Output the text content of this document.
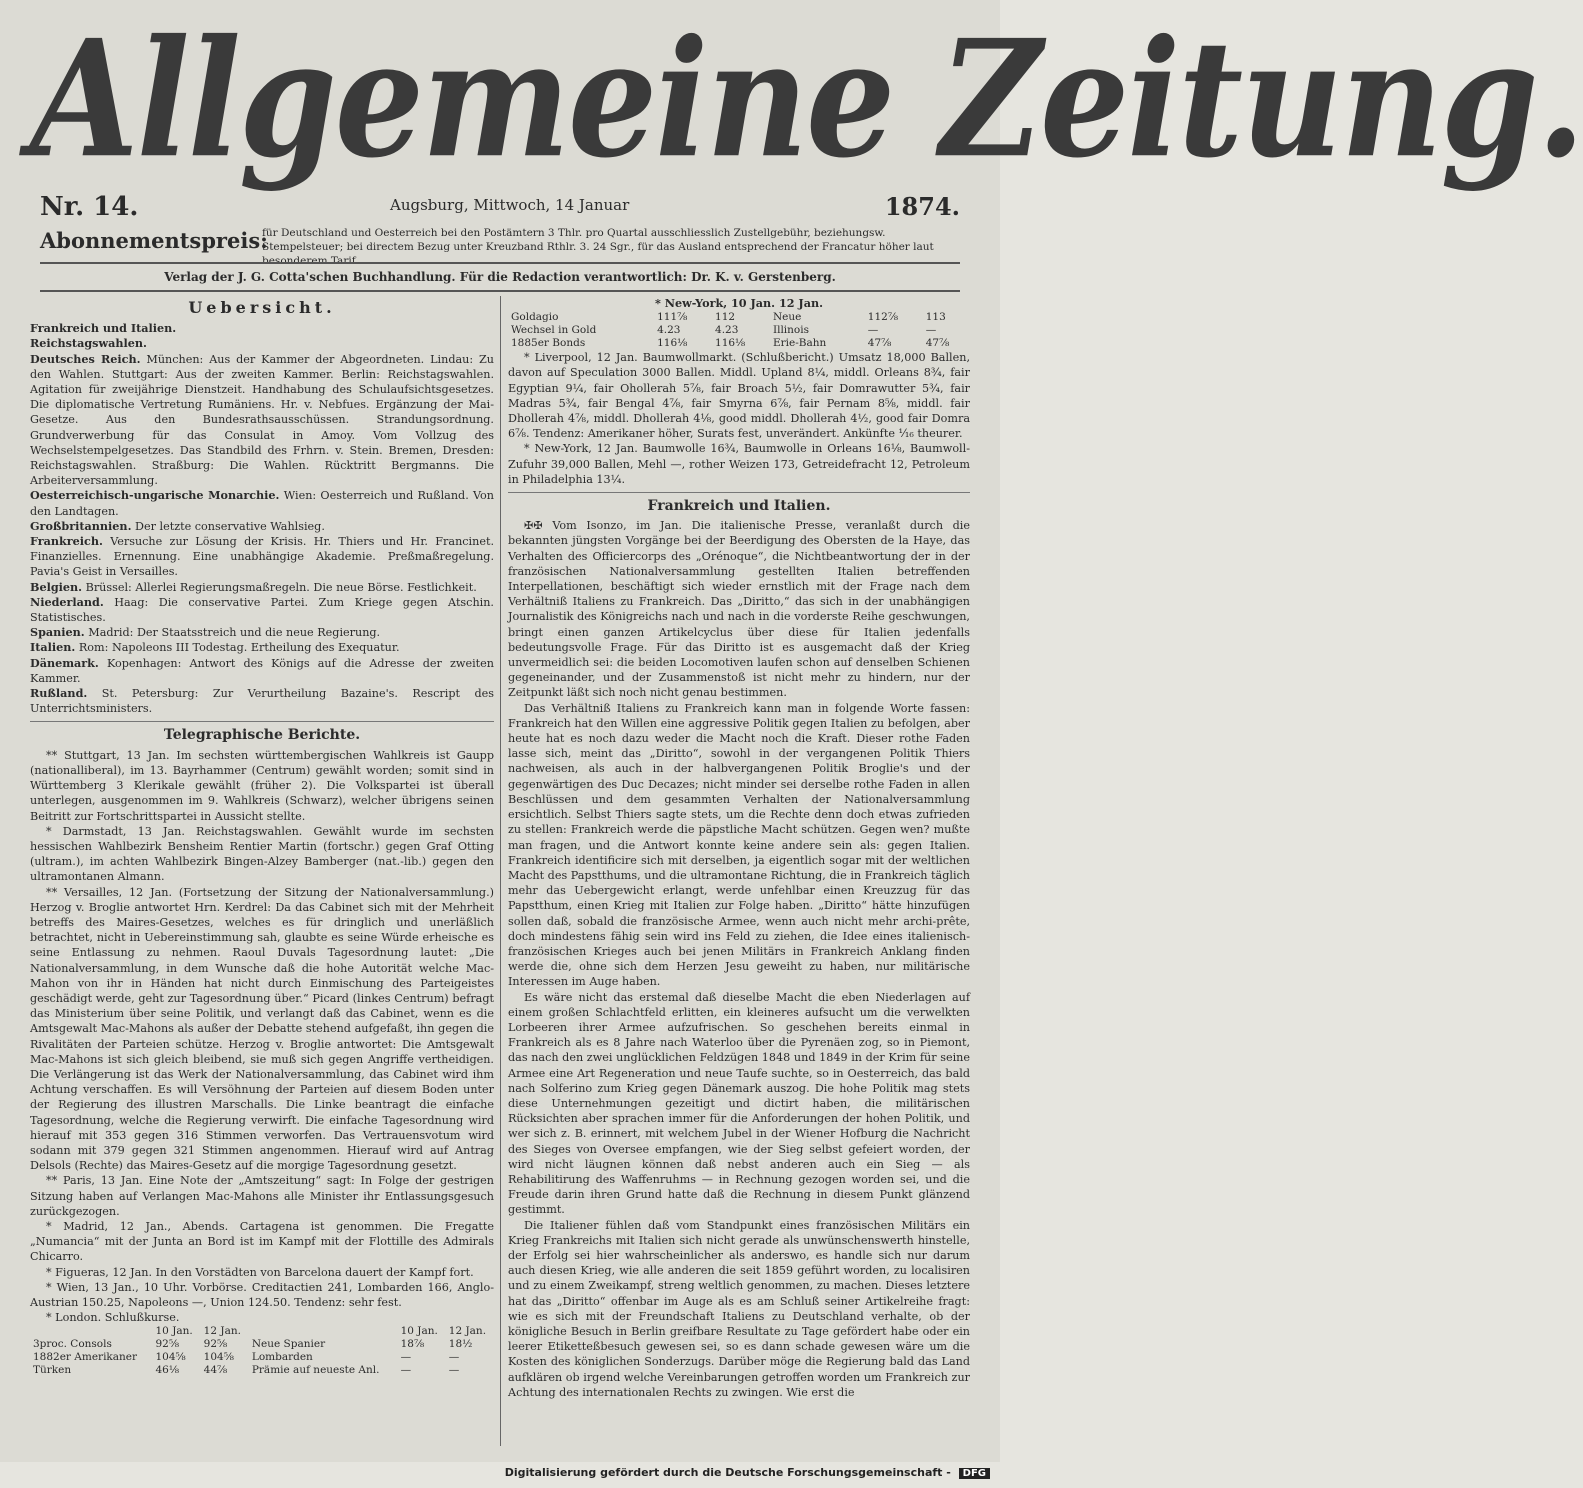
Allgemeine Zeitung.
Nr. 14.	Augsburg, Mittwoch, 14 Januar	1874.
Abonnementspreis:
für Deutschland und Oesterreich bei den Postämtern 3 Thlr. pro Quartal ausschliesslich Zustellgebühr, beziehungsw. Stempelsteuer; bei directem Bezug unter Kreuzband Rthlr. 3. 24 Sgr., für das Ausland entsprechend der Francatur höher laut besonderem Tarif.
Verlag der J. G. Cotta'schen Buchhandlung. Für die Redaction verantwortlich: Dr. K. v. Gerstenberg.
Uebersicht.
Frankreich und Italien.
Reichstagswahlen.
Deutsches Reich. München: Aus der Kammer der Abgeordneten. Lindau: Zu den Wahlen. Stuttgart: Aus der zweiten Kammer. Berlin: Reichstagswahlen. Agitation für zweijährige Dienstzeit. Handhabung des Schulaufsichtsgesetzes. Die diplomatische Vertretung Rumäniens. Hr. v. Nebfues. Ergänzung der Mai-Gesetze. Aus den Bundesrathsausschüssen. Strandungsordnung. Grundverwerbung für das Consulat in Amoy. Vom Vollzug des Wechselstempelgesetzes. Das Standbild des Frhrn. v. Stein. Bremen, Dresden: Reichstagswahlen. Straßburg: Die Wahlen. Rücktritt Bergmanns. Die Arbeiterversammlung.
Oesterreichisch-ungarische Monarchie. Wien: Oesterreich und Rußland. Von den Landtagen.
Großbritannien. Der letzte conservative Wahlsieg.
Frankreich. Versuche zur Lösung der Krisis. Hr. Thiers und Hr. Francinet. Finanzielles. Ernennung. Eine unabhängige Akademie. Preßmaßregelung. Pavia's Geist in Versailles.
Belgien. Brüssel: Allerlei Regierungsmaßregeln. Die neue Börse. Festlichkeit.
Niederland. Haag: Die conservative Partei. Zum Kriege gegen Atschin. Statistisches.
Spanien. Madrid: Der Staatsstreich und die neue Regierung.
Italien. Rom: Napoleons III Todestag. Ertheilung des Exequatur.
Dänemark. Kopenhagen: Antwort des Königs auf die Adresse der zweiten Kammer.
Rußland. St. Petersburg: Zur Verurtheilung Bazaine's. Rescript des Unterrichtsministers.
Telegraphische Berichte.

** Stuttgart, 13 Jan. Im sechsten württembergischen Wahlkreis ist Gaupp (nationalliberal), im 13. Bayrhammer (Centrum) gewählt worden; somit sind in Württemberg 3 Klerikale gewählt (früher 2). Die Volkspartei ist überall unterlegen, ausgenommen im 9. Wahlkreis (Schwarz), welcher übrigens seinen Beitritt zur Fortschrittspartei in Aussicht stellte.

* Darmstadt, 13 Jan. Reichstagswahlen. Gewählt wurde im sechsten hessischen Wahlbezirk Bensheim Rentier Martin (fortschr.) gegen Graf Otting (ultram.), im achten Wahlbezirk Bingen-Alzey Bamberger (nat.-lib.) gegen den ultramontanen Almann.

** Versailles, 12 Jan. (Fortsetzung der Sitzung der Nationalversammlung.) Herzog v. Broglie antwortet Hrn. Kerdrel: Da das Cabinet sich mit der Mehrheit betreffs des Maires-Gesetzes, welches es für dringlich und unerläßlich betrachtet, nicht in Uebereinstimmung sah, glaubte es seine Würde erheische es seine Entlassung zu nehmen. Raoul Duvals Tagesordnung lautet: „Die Nationalversammlung, in dem Wunsche daß die hohe Autorität welche Mac-Mahon von ihr in Händen hat nicht durch Einmischung des Parteigeistes geschädigt werde, geht zur Tagesordnung über.“ Picard (linkes Centrum) befragt das Ministerium über seine Politik, und verlangt daß das Cabinet, wenn es die Amtsgewalt Mac-Mahons als außer der Debatte stehend aufgefaßt, ihn gegen die Rivalitäten der Parteien schütze. Herzog v. Broglie antwortet: Die Amtsgewalt Mac-Mahons ist sich gleich bleibend, sie muß sich gegen Angriffe vertheidigen. Die Verlängerung ist das Werk der Nationalversammlung, das Cabinet wird ihm Achtung verschaffen. Es will Versöhnung der Parteien auf diesem Boden unter der Regierung des illustren Marschalls. Die Linke beantragt die einfache Tagesordnung, welche die Regierung verwirft. Die einfache Tagesordnung wird hierauf mit 353 gegen 316 Stimmen verworfen. Das Vertrauensvotum wird sodann mit 379 gegen 321 Stimmen angenommen. Hierauf wird auf Antrag Delsols (Rechte) das Maires-Gesetz auf die morgige Tagesordnung gesetzt.

** Paris, 13 Jan. Eine Note der „Amtszeitung“ sagt: In Folge der gestrigen Sitzung haben auf Verlangen Mac-Mahons alle Minister ihr Entlassungsgesuch zurückgezogen.

* Madrid, 12 Jan., Abends. Cartagena ist genommen. Die Fregatte „Numancia“ mit der Junta an Bord ist im Kampf mit der Flottille des Admirals Chicarro.

* Figueras, 12 Jan. In den Vorstädten von Barcelona dauert der Kampf fort.

* Wien, 13 Jan., 10 Uhr. Vorbörse. Creditactien 241, Lombarden 166, Anglo-Austrian 150.25, Napoleons —, Union 124.50. Tendenz: sehr fest.

* London. Schlußkurse.

	10 Jan.	12 Jan.		10 Jan.	12 Jan.
3proc. Consols	92⅝	92⅝	Neue Spanier	18⅞	18½
1882er Amerikaner	104⅝	104⅝	Lombarden	—	—
Türken	46⅛	44⅞	Prämie auf neueste Anl.	—	—
* New-York, 10 Jan. 12 Jan.
Goldagio	111⅞	112	Neue	112⅞	113
Wechsel in Gold	4.23	4.23	Illinois	—	—
1885er Bonds	116⅛	116⅛	Erie-Bahn	47⅞	47⅞

* Liverpool, 12 Jan. Baumwollmarkt. (Schlußbericht.) Umsatz 18,000 Ballen, davon auf Speculation 3000 Ballen. Middl. Upland 8¼, middl. Orleans 8¾, fair Egyptian 9¼, fair Ohollerah 5⅞, fair Broach 5½, fair Domrawutter 5¾, fair Madras 5¾, fair Bengal 4⅞, fair Smyrna 6⅞, fair Pernam 8⅝, middl. fair Dhollerah 4⅞, middl. Dhollerah 4⅛, good middl. Dhollerah 4½, good fair Domra 6⅞. Tendenz: Amerikaner höher, Surats fest, unverändert. Ankünfte ⅟₁₆ theurer.

* New-York, 12 Jan. Baumwolle 16¾, Baumwolle in Orleans 16⅛, Baumwoll-Zufuhr 39,000 Ballen, Mehl —, rother Weizen 173, Getreidefracht 12, Petroleum in Philadelphia 13¼.

Frankreich und Italien.

✠✠ Vom Isonzo, im Jan. Die italienische Presse, veranlaßt durch die bekannten jüngsten Vorgänge bei der Beerdigung des Obersten de la Haye, das Verhalten des Officiercorps des „Orénoque“, die Nichtbeantwortung der in der französischen Nationalversammlung gestellten Italien betreffenden Interpellationen, beschäftigt sich wieder ernstlich mit der Frage nach dem Verhältniß Italiens zu Frankreich. Das „Diritto,“ das sich in der unabhängigen Journalistik des Königreichs nach und nach in die vorderste Reihe geschwungen, bringt einen ganzen Artikelcyclus über diese für Italien jedenfalls bedeutungsvolle Frage. Für das Diritto ist es ausgemacht daß der Krieg unvermeidlich sei: die beiden Locomotiven laufen schon auf denselben Schienen gegeneinander, und der Zusammenstoß ist nicht mehr zu hindern, nur der Zeitpunkt läßt sich noch nicht genau bestimmen.

Das Verhältniß Italiens zu Frankreich kann man in folgende Worte fassen: Frankreich hat den Willen eine aggressive Politik gegen Italien zu befolgen, aber heute hat es noch dazu weder die Macht noch die Kraft. Dieser rothe Faden lasse sich, meint das „Diritto“, sowohl in der vergangenen Politik Thiers nachweisen, als auch in der halbvergangenen Politik Broglie's und der gegenwärtigen des Duc Decazes; nicht minder sei derselbe rothe Faden in allen Beschlüssen und dem gesammten Verhalten der Nationalversammlung ersichtlich. Selbst Thiers sagte stets, um die Rechte denn doch etwas zufrieden zu stellen: Frankreich werde die päpstliche Macht schützen. Gegen wen? mußte man fragen, und die Antwort konnte keine andere sein als: gegen Italien. Frankreich identificire sich mit derselben, ja eigentlich sogar mit der weltlichen Macht des Papstthums, und die ultramontane Richtung, die in Frankreich täglich mehr das Uebergewicht erlangt, werde unfehlbar einen Kreuzzug für das Papstthum, einen Krieg mit Italien zur Folge haben. „Diritto“ hätte hinzufügen sollen daß, sobald die französische Armee, wenn auch nicht mehr archi-prête, doch mindestens fähig sein wird ins Feld zu ziehen, die Idee eines italienisch-französischen Krieges auch bei jenen Militärs in Frankreich Anklang finden werde die, ohne sich dem Herzen Jesu geweiht zu haben, nur militärische Interessen im Auge haben.

Es wäre nicht das erstemal daß dieselbe Macht die eben Niederlagen auf einem großen Schlachtfeld erlitten, ein kleineres aufsucht um die verwelkten Lorbeeren ihrer Armee aufzufrischen. So geschehen bereits einmal in Frankreich als es 8 Jahre nach Waterloo über die Pyrenäen zog, so in Piemont, das nach den zwei unglücklichen Feldzügen 1848 und 1849 in der Krim für seine Armee eine Art Regeneration und neue Taufe suchte, so in Oesterreich, das bald nach Solferino zum Krieg gegen Dänemark auszog. Die hohe Politik mag stets diese Unternehmungen gezeitigt und dictirt haben, die militärischen Rücksichten aber sprachen immer für die Anforderungen der hohen Politik, und wer sich z. B. erinnert, mit welchem Jubel in der Wiener Hofburg die Nachricht des Sieges von Oversee empfangen, wie der Sieg selbst gefeiert worden, der wird nicht läugnen können daß nebst anderen auch ein Sieg — als Rehabilitirung des Waffenruhms — in Rechnung gezogen worden sei, und die Freude darin ihren Grund hatte daß die Rechnung in diesem Punkt glänzend gestimmt.

Die Italiener fühlen daß vom Standpunkt eines französischen Militärs ein Krieg Frankreichs mit Italien sich nicht gerade als unwünschenswerth hinstelle, der Erfolg sei hier wahrscheinlicher als anderswo, es handle sich nur darum auch diesen Krieg, wie alle anderen die seit 1859 geführt worden, zu localisiren und zu einem Zweikampf, streng weltlich genommen, zu machen. Dieses letztere hat das „Diritto“ offenbar im Auge als es am Schluß seiner Artikelreihe fragt: wie es sich mit der Freundschaft Italiens zu Deutschland verhalte, ob der königliche Besuch in Berlin greifbare Resultate zu Tage gefördert habe oder ein leerer Etiketteßbesuch gewesen sei, so es dann schade gewesen wäre um die Kosten des königlichen Sonderzugs. Darüber möge die Regierung bald das Land aufklären ob irgend welche Vereinbarungen getroffen worden um Frankreich zur Achtung des internationalen Rechts zu zwingen. Wie erst die

Digitalisierung gefördert durch die Deutsche Forschungsgemeinschaft - DFG
